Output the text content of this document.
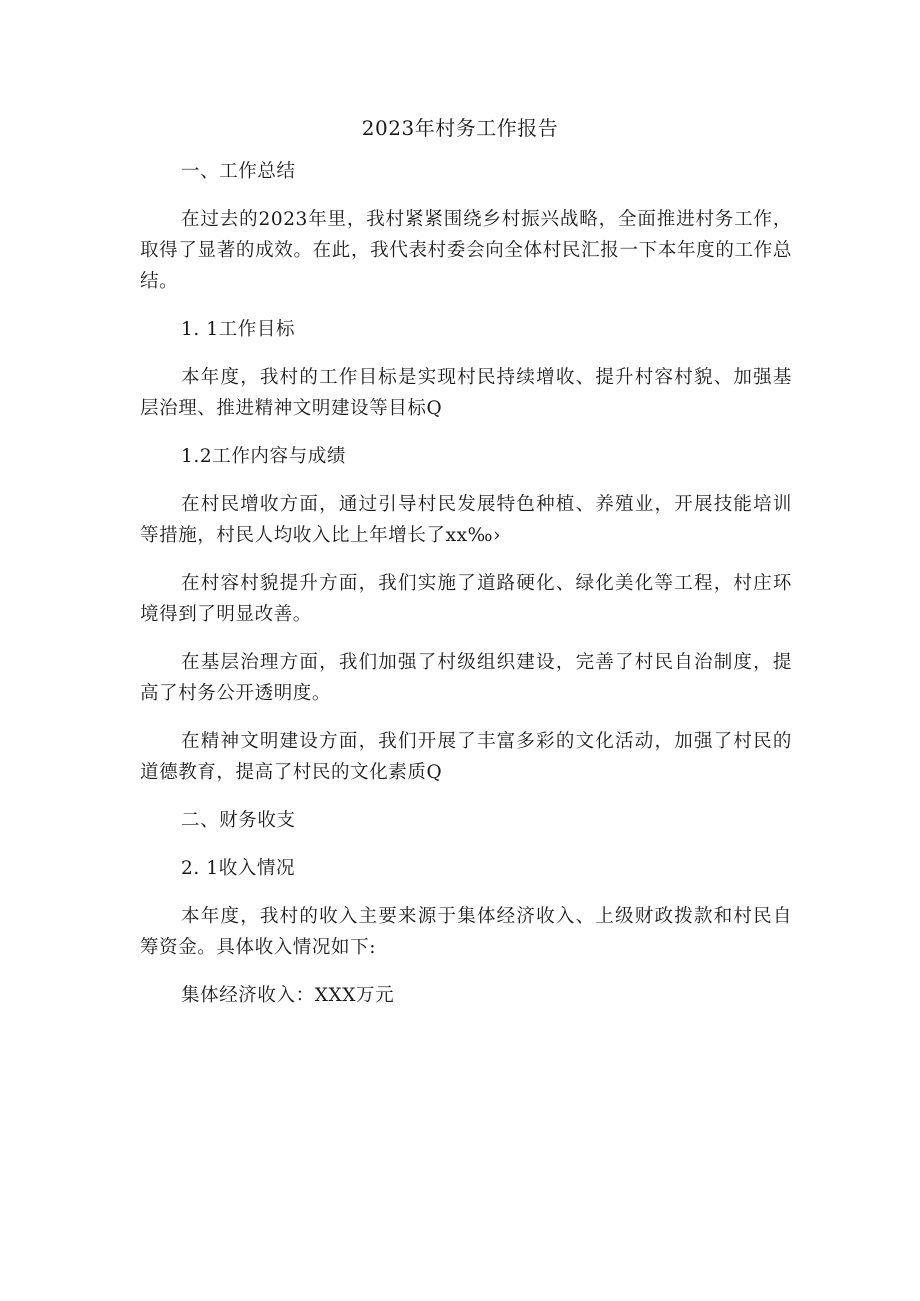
2023年村务工作报告

一、工作总结

在过去的2023年里，我村紧紧围绕乡村振兴战略，全面推进村务工作，取得了显著的成效。在此，我代表村委会向全体村民汇报一下本年度的工作总结。

1. 1工作目标

本年度，我村的工作目标是实现村民持续增收、提升村容村貌、加强基层治理、推进精神文明建设等目标Q

1.2工作内容与成绩

在村民增收方面，通过引导村民发展特色种植、养殖业，开展技能培训等措施，村民人均收入比上年增长了xx‰›

在村容村貌提升方面，我们实施了道路硬化、绿化美化等工程，村庄环境得到了明显改善。

在基层治理方面，我们加强了村级组织建设，完善了村民自治制度，提高了村务公开透明度。

在精神文明建设方面，我们开展了丰富多彩的文化活动，加强了村民的道德教育，提高了村民的文化素质Q

二、财务收支

2. 1收入情况

本年度，我村的收入主要来源于集体经济收入、上级财政拨款和村民自筹资金。具体收入情况如下:

集体经济收入：XXX万元
